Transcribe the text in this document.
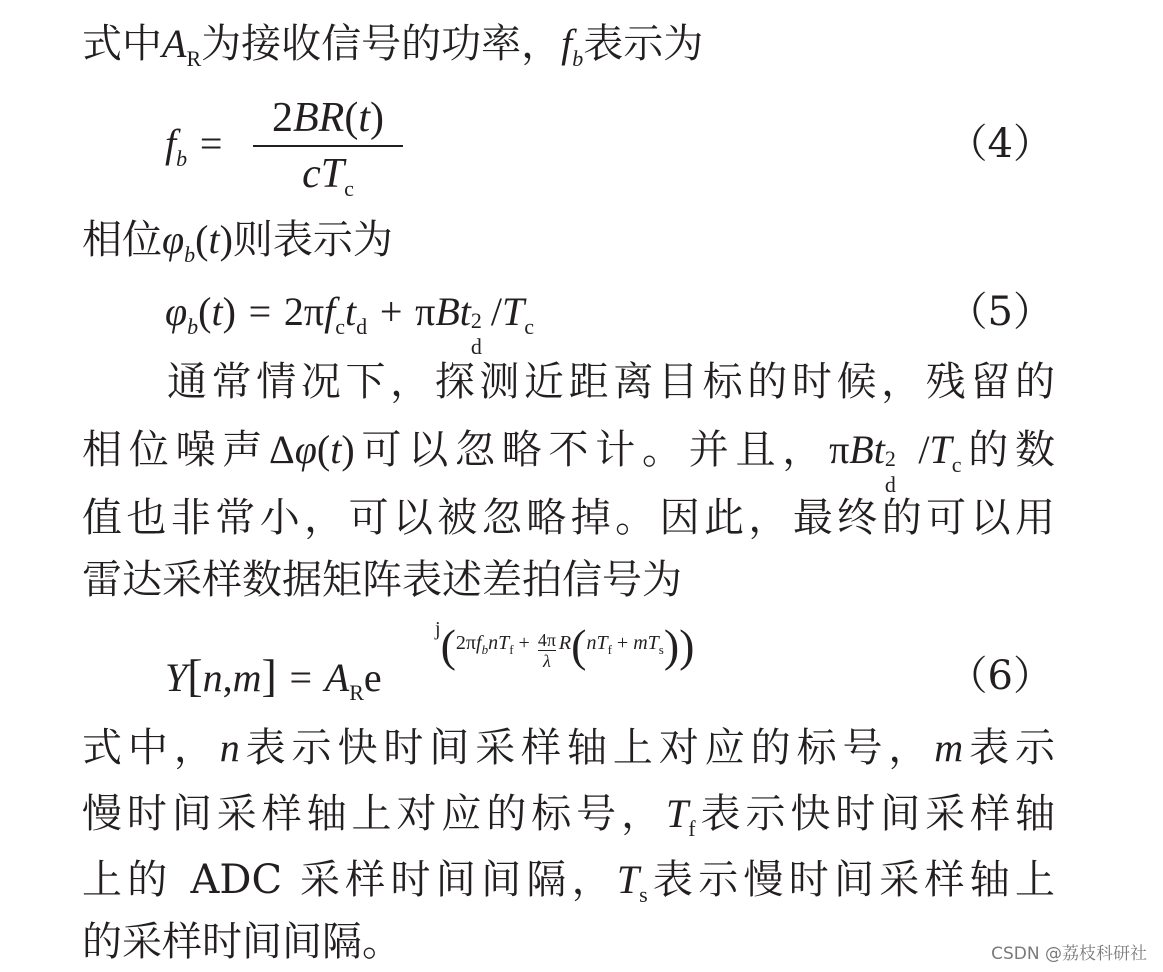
式中$A_R$为接收信号的功率，$f_b$表示为
$f_b$ =
2BR(t)
$cT_c$
（4）
相位$\varphi_b(t)$则表示为
$\varphi_b(t) = 2\pi f_ct_d + \pi Bt$ 2
d
$/T_c$	（5）
通常情况下，探测近距离目标的时候，残留的
相位噪声Δφ(t)可以忽略不计。并且，πBt 2
d
$/T_c$的数
值也非常小，可以被忽略掉。因此，最终的可以用
雷达采样数据矩阵表述差拍信号为
$Y[n,m] = A_Re$
$j(2\pi f_bnT_f + \frac{4\pi}{\lambda} R(nT_f + mT_s))$
（6）
式中，n表示快时间采样轴上对应的标号，m表示
慢时间采样轴上对应的标号，$T_f$表示快时间采样轴
上的 ADC 采样时间间隔，$T_s$表示慢时间采样轴上
的采样时间间隔。	CSDN @荔枝科研社
